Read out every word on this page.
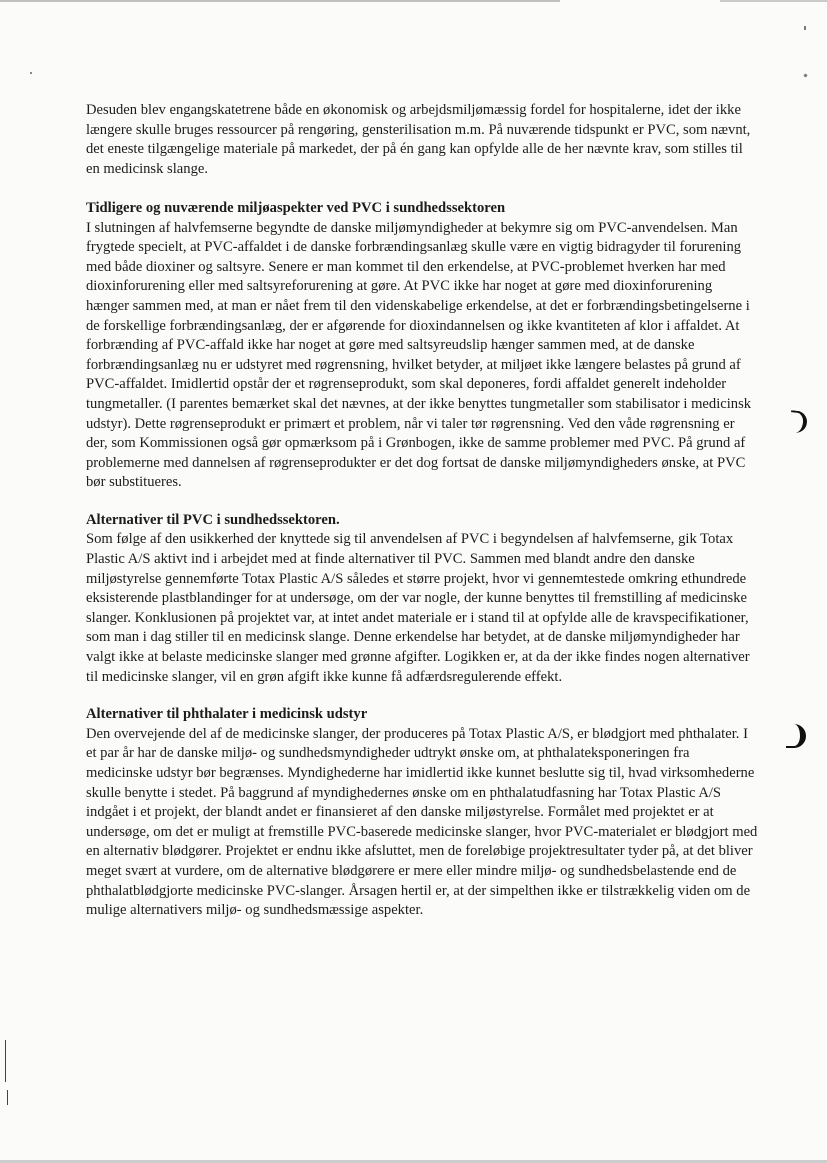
Desuden blev engangskatetrene både en økonomisk og arbejdsmiljømæssig fordel for hospitalerne, idet der ikke længere skulle bruges ressourcer på rengøring, gensterilisation m.m. På nuværende tidspunkt er PVC, som nævnt, det eneste tilgængelige materiale på markedet, der på én gang kan opfylde alle de her nævnte krav, som stilles til en medicinsk slange.

Tidligere og nuværende miljøaspekter ved PVC i sundhedssektoren

I slutningen af halvfemserne begyndte de danske miljømyndigheder at bekymre sig om PVC-anvendelsen. Man frygtede specielt, at PVC-affaldet i de danske forbrændingsanlæg skulle være en vigtig bidragyder til forurening med både dioxiner og saltsyre. Senere er man kommet til den erkendelse, at PVC-problemet hverken har med dioxinforurening eller med saltsyreforurening at gøre. At PVC ikke har noget at gøre med dioxinforurening hænger sammen med, at man er nået frem til den videnskabelige erkendelse, at det er forbrændingsbetingelserne i de forskellige forbrændingsanlæg, der er afgørende for dioxindannelsen og ikke kvantiteten af klor i affaldet. At forbrænding af PVC-affald ikke har noget at gøre med saltsyreudslip hænger sammen med, at de danske forbrændingsanlæg nu er udstyret med røgrensning, hvilket betyder, at miljøet ikke længere belastes på grund af PVC-affaldet. Imidlertid opstår der et røgrenseprodukt, som skal deponeres, fordi affaldet generelt indeholder tungmetaller. (I parentes bemærket skal det nævnes, at der ikke benyttes tungmetaller som stabilisator i medicinsk udstyr). Dette røgrenseprodukt er primært et problem, når vi taler tør røgrensning. Ved den våde røgrensning er der, som Kommissionen også gør opmærksom på i Grønbogen, ikke de samme problemer med PVC. På grund af problemerne med dannelsen af røgrenseprodukter er det dog fortsat de danske miljømyndigheders ønske, at PVC bør substitueres.

Alternativer til PVC i sundhedssektoren.

Som følge af den usikkerhed der knyttede sig til anvendelsen af PVC i begyndelsen af halvfemserne, gik Totax Plastic A/S aktivt ind i arbejdet med at finde alternativer til PVC. Sammen med blandt andre den danske miljøstyrelse gennemførte Totax Plastic A/S således et større projekt, hvor vi gennemtestede omkring ethundrede eksisterende plastblandinger for at undersøge, om der var nogle, der kunne benyttes til fremstilling af medicinske slanger. Konklusionen på projektet var, at intet andet materiale er i stand til at opfylde alle de kravspecifikationer, som man i dag stiller til en medicinsk slange. Denne erkendelse har betydet, at de danske miljømyndigheder har valgt ikke at belaste medicinske slanger med grønne afgifter. Logikken er, at da der ikke findes nogen alternativer til medicinske slanger, vil en grøn afgift ikke kunne få adfærdsregulerende effekt.

Alternativer til phthalater i medicinsk udstyr

Den overvejende del af de medicinske slanger, der produceres på Totax Plastic A/S, er blødgjort med phthalater. I et par år har de danske miljø- og sundhedsmyndigheder udtrykt ønske om, at phthalateksponeringen fra medicinske udstyr bør begrænses. Myndighederne har imidlertid ikke kunnet beslutte sig til, hvad virksomhederne skulle benytte i stedet. På baggrund af myndighedernes ønske om en phthalatudfasning har Totax Plastic A/S indgået i et projekt, der blandt andet er finansieret af den danske miljøstyrelse. Formålet med projektet er at undersøge, om det er muligt at fremstille PVC-baserede medicinske slanger, hvor PVC-materialet er blødgjort med en alternativ blødgører. Projektet er endnu ikke afsluttet, men de foreløbige projektresultater tyder på, at det bliver meget svært at vurdere, om de alternative blødgørere er mere eller mindre miljø- og sundhedsbelastende end de phthalatblødgjorte medicinske PVC-slanger. Årsagen hertil er, at der simpelthen ikke er tilstrækkelig viden om de mulige alternativers miljø- og sundhedsmæssige aspekter.
